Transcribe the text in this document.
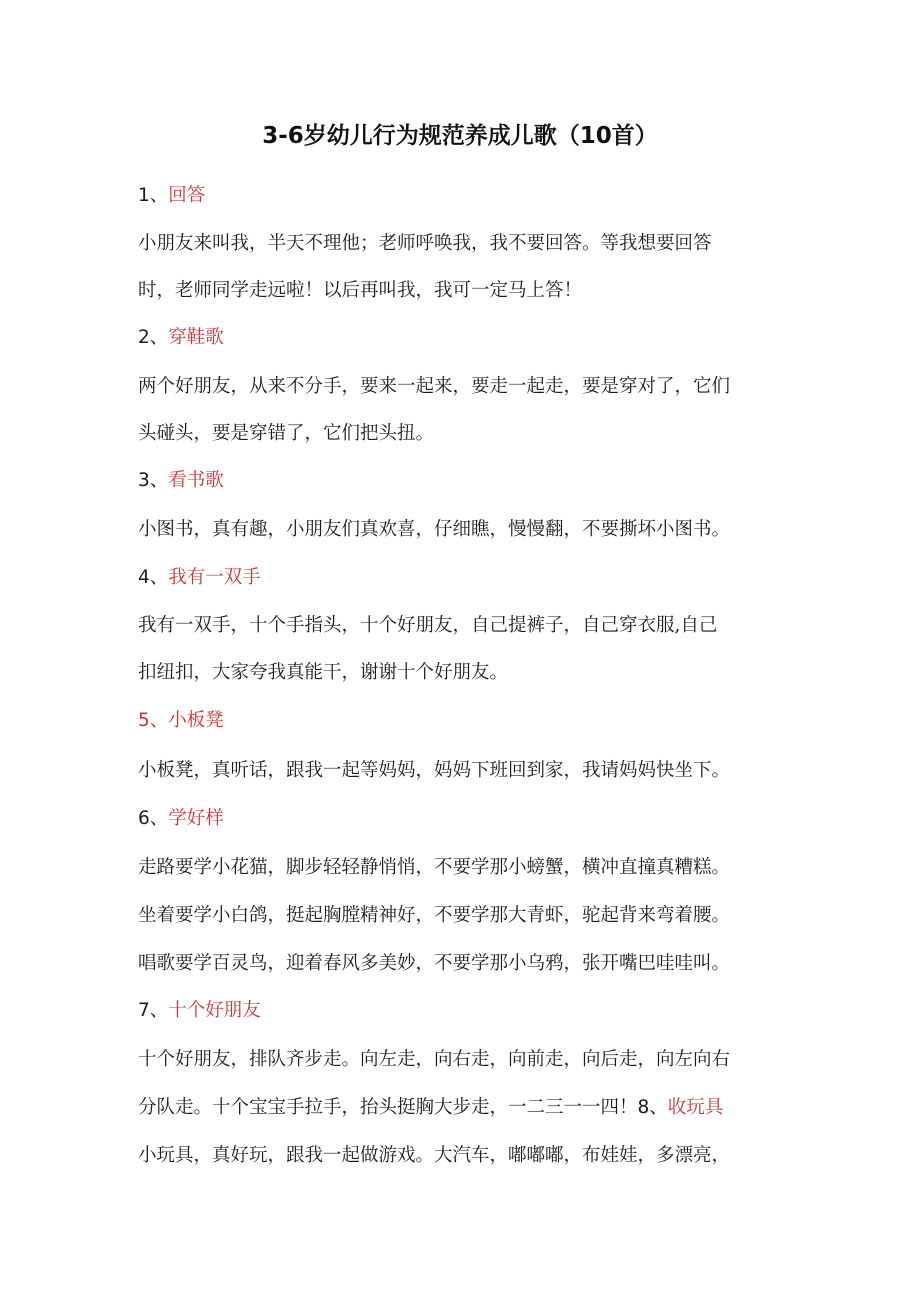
3-6岁幼儿行为规范养成儿歌（10首）
1、回答
小朋友来叫我，半天不理他；老师呼唤我，我不要回答。等我想要回答
时，老师同学走远啦！以后再叫我，我可一定马上答！
2、穿鞋歌
两个好朋友，从来不分手，要来一起来，要走一起走，要是穿对了，它们
头碰头，要是穿错了，它们把头扭。
3、看书歌
小图书，真有趣，小朋友们真欢喜，仔细瞧，慢慢翻，不要撕坏小图书。
4、我有一双手
我有一双手，十个手指头，十个好朋友，自己提裤子，自己穿衣服,自己
扣纽扣，大家夸我真能干，谢谢十个好朋友。
5、小板凳
小板凳，真听话，跟我一起等妈妈，妈妈下班回到家，我请妈妈快坐下。
6、学好样
走路要学小花猫，脚步轻轻静悄悄，不要学那小螃蟹，横冲直撞真糟糕。
坐着要学小白鸽，挺起胸膛精神好，不要学那大青虾，驼起背来弯着腰。
唱歌要学百灵鸟，迎着春风多美妙，不要学那小乌鸦，张开嘴巴哇哇叫。
7、十个好朋友
十个好朋友，排队齐步走。向左走，向右走，向前走，向后走，向左向右
分队走。十个宝宝手拉手，抬头挺胸大步走，一二三一一四！8、收玩具
小玩具，真好玩，跟我一起做游戏。大汽车，嘟嘟嘟，布娃娃，多漂亮，
